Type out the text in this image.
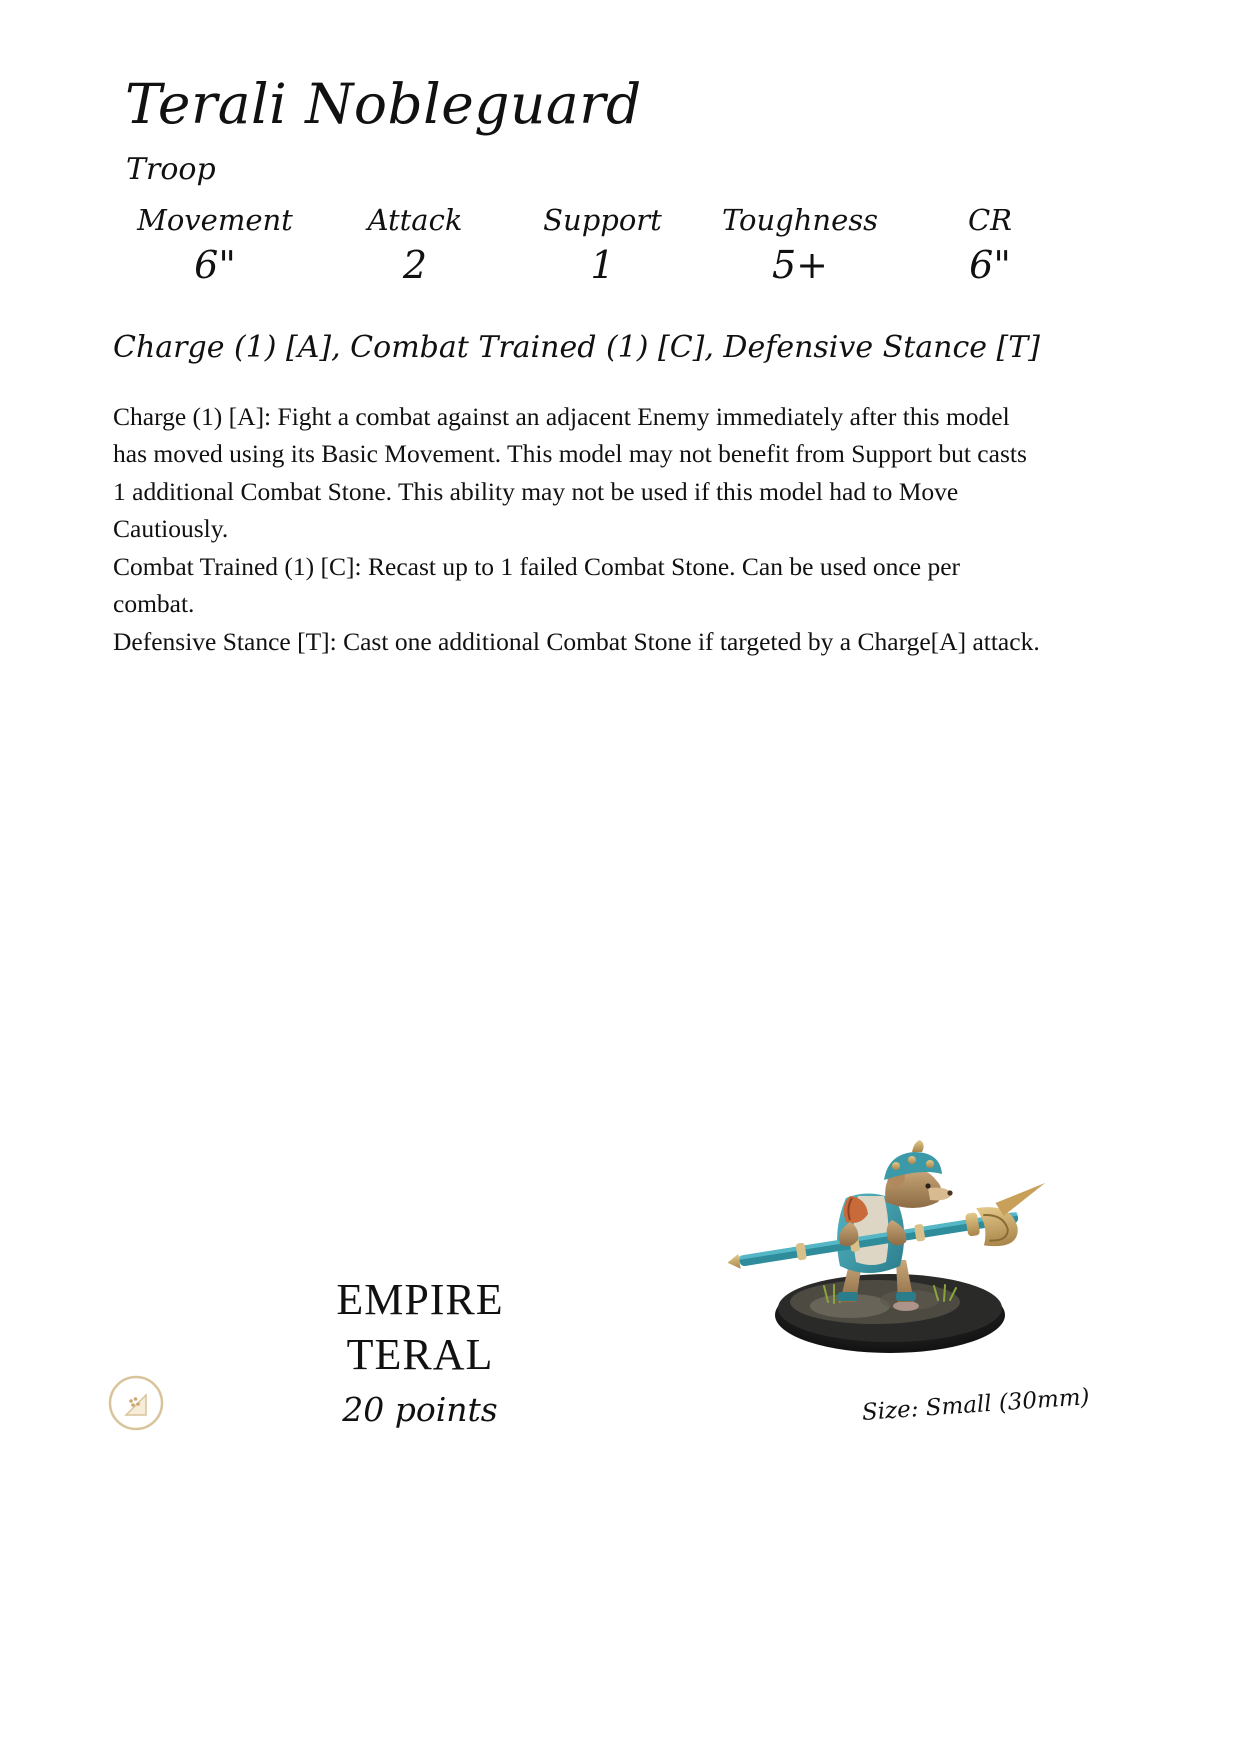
Terali Nobleguard
Troop
Movement
6"
Attack
2
Support
1
Toughness
5+
CR
6"
Charge (1) [A], Combat Trained (1) [C], Defensive Stance [T]

Charge (1) [A]: Fight a combat against an adjacent Enemy immediately after this model has moved using its Basic Movement. This model may not benefit from Support but casts 1 additional Combat Stone. This ability may not be used if this model had to Move Cautiously.

Combat Trained (1) [C]: Recast up to 1 failed Combat Stone. Can be used once per combat.

Defensive Stance [T]: Cast one additional Combat Stone if targeted by a Charge[A] attack.

EMPIRE
TERAL
20 points	Size: Small (30mm)
